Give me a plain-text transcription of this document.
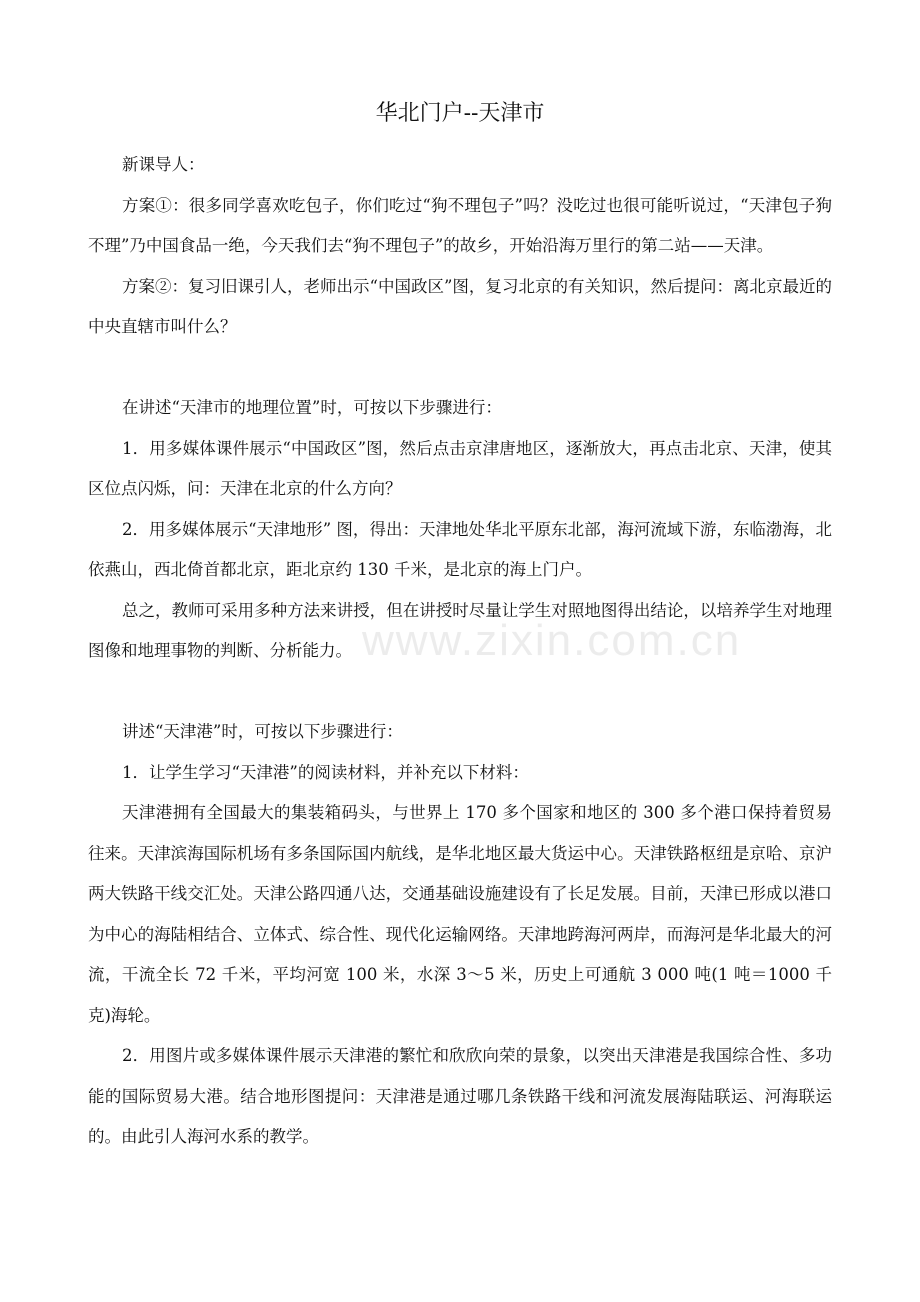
华北门户--天津市

新课导人：

方案①：很多同学喜欢吃包子，你们吃过“狗不理包子”吗？没吃过也很可能听说过，“天津包子狗不理”乃中国食品一绝，今天我们去“狗不理包子”的故乡，开始沿海万里行的第二站——天津。

方案②：复习旧课引人，老师出示“中国政区”图，复习北京的有关知识，然后提问：离北京最近的中央直辖市叫什么？

在讲述“天津市的地理位置”时，可按以下步骤进行：

1．用多媒体课件展示“中国政区”图，然后点击京津唐地区，逐渐放大，再点击北京、天津，使其区位点闪烁，问：天津在北京的什么方向？

2．用多媒体展示“天津地形” 图，得出：天津地处华北平原东北部，海河流域下游，东临渤海，北依燕山，西北倚首都北京，距北京约 130 千米，是北京的海上门户。

总之，教师可采用多种方法来讲授，但在讲授时尽量让学生对照地图得出结论，以培养学生对地理图像和地理事物的判断、分析能力。

讲述“天津港”时，可按以下步骤进行：

1．让学生学习“天津港”的阅读材料，并补充以下材料：

天津港拥有全国最大的集装箱码头，与世界上 170 多个国家和地区的 300 多个港口保持着贸易往来。天津滨海国际机场有多条国际国内航线，是华北地区最大货运中心。天津铁路枢纽是京哈、京沪两大铁路干线交汇处。天津公路四通八达，交通基础设施建设有了长足发展。目前，天津已形成以港口为中心的海陆相结合、立体式、综合性、现代化运输网络。天津地跨海河两岸，而海河是华北最大的河流，干流全长 72 千米，平均河宽 100 米，水深 3～5 米，历史上可通航 3 000 吨(1 吨＝1000 千克)海轮。

2．用图片或多媒体课件展示天津港的繁忙和欣欣向荣的景象，以突出天津港是我国综合性、多功能的国际贸易大港。结合地形图提问：天津港是通过哪几条铁路干线和河流发展海陆联运、河海联运的。由此引人海河水系的教学。

www.zixin.com.cn
